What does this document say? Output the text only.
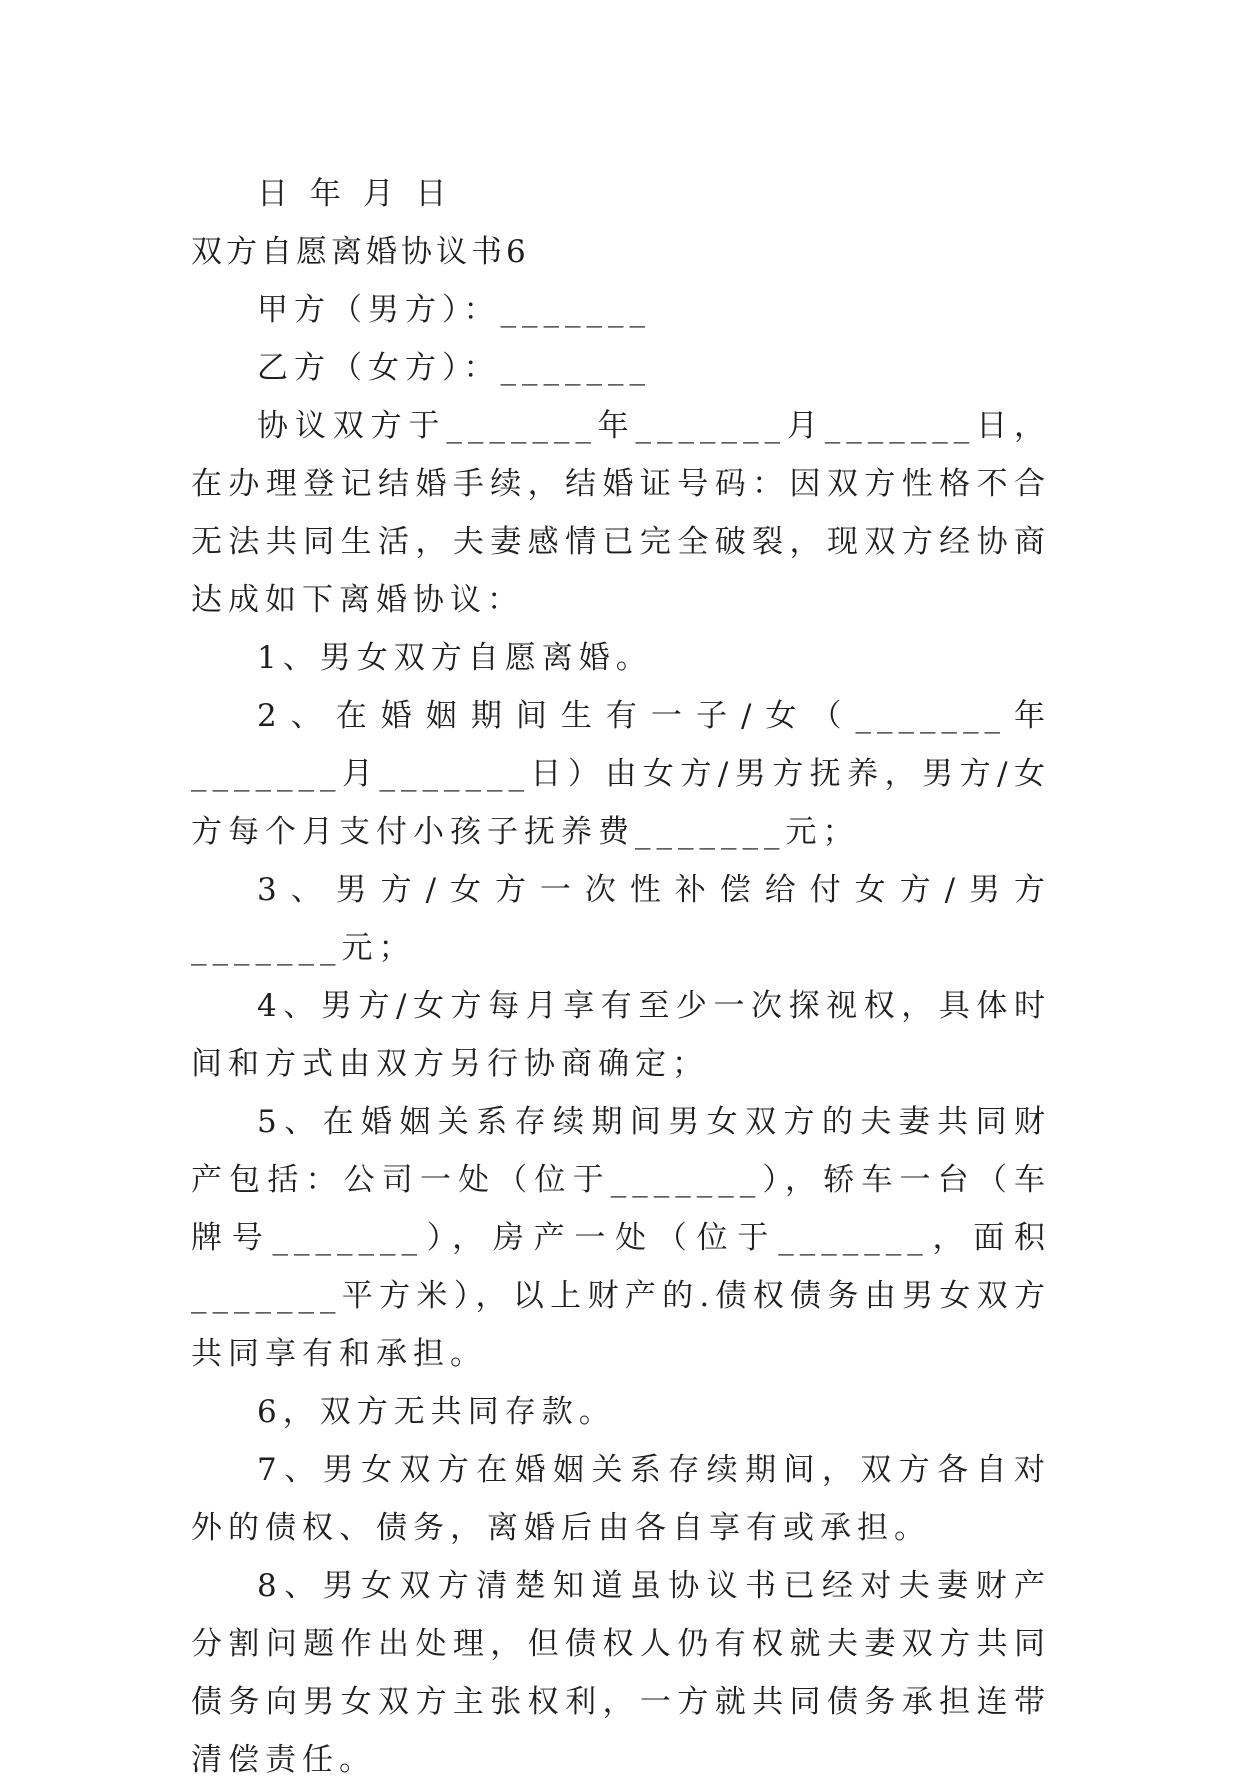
日 年 月 日

双方自愿离婚协议书6

甲方（男方）：_______

乙方（女方）：_______

协议双方于_______年_______月_______日，在办理登记结婚手续，结婚证号码：因双方性格不合无法共同生活，夫妻感情已完全破裂，现双方经协商达成如下离婚协议：

1、男女双方自愿离婚。

2、在婚姻期间生有一子/女（_______年_______月_______日）由女方/男方抚养，男方/女方每个月支付小孩子抚养费_______元；

3、男方/女方一次性补偿给付女方/男方_______元；

4、男方/女方每月享有至少一次探视权，具体时间和方式由双方另行协商确定；

5、在婚姻关系存续期间男女双方的夫妻共同财产包括：公司一处（位于_______），轿车一台（车牌号_______），房产一处（位于_______，面积_______平方米），以上财产的.债权债务由男女双方共同享有和承担。

6，双方无共同存款。

7、男女双方在婚姻关系存续期间，双方各自对外的债权、债务，离婚后由各自享有或承担。

8、男女双方清楚知道虽协议书已经对夫妻财产分割问题作出处理，但债权人仍有权就夫妻双方共同债务向男女双方主张权利，一方就共同债务承担连带清偿责任。
